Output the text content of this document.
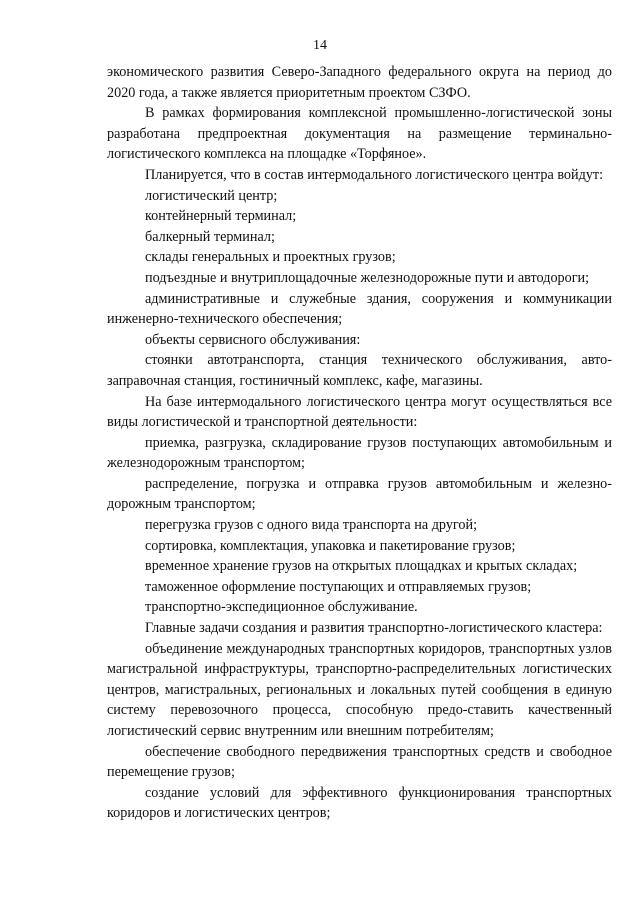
14

экономического развития Северо-Западного федерального округа на период до 2020 года, а также является приоритетным проектом СЗФО.

В рамках формирования комплексной промышленно-логистической зоны разработана предпроектная документация на размещение терминально-логистического комплекса на площадке «Торфяное».

Планируется, что в состав интермодального логистического центра войдут:

логистический центр;

контейнерный терминал;

балкерный терминал;

склады генеральных и проектных грузов;

подъездные и внутриплощадочные железнодорожные пути и автодороги;

административные и служебные здания, сооружения и коммуникации инженерно-технического обеспечения;

объекты сервисного обслуживания:

стоянки автотранспорта, станция технического обслуживания, авто-заправочная станция, гостиничный комплекс, кафе, магазины.

На базе интермодального логистического центра могут осуществляться все виды логистической и транспортной деятельности:

приемка, разгрузка, складирование грузов поступающих автомобильным и железнодорожным транспортом;

распределение, погрузка и отправка грузов автомобильным и железно-дорожным транспортом;

перегрузка грузов с одного вида транспорта на другой;

сортировка, комплектация, упаковка и пакетирование грузов;

временное хранение грузов на открытых площадках и крытых складах;

таможенное оформление поступающих и отправляемых грузов;

транспортно-экспедиционное обслуживание.

Главные задачи создания и развития транспортно-логистического кластера:

объединение международных транспортных коридоров, транспортных узлов магистральной инфраструктуры, транспортно-распределительных логистических центров, магистральных, региональных и локальных путей сообщения в единую систему перевозочного процесса, способную предо-ставить качественный логистический сервис внутренним или внешним потребителям;

обеспечение свободного передвижения транспортных средств и свободное перемещение грузов;

создание условий для эффективного функционирования транспортных коридоров и логистических центров;
